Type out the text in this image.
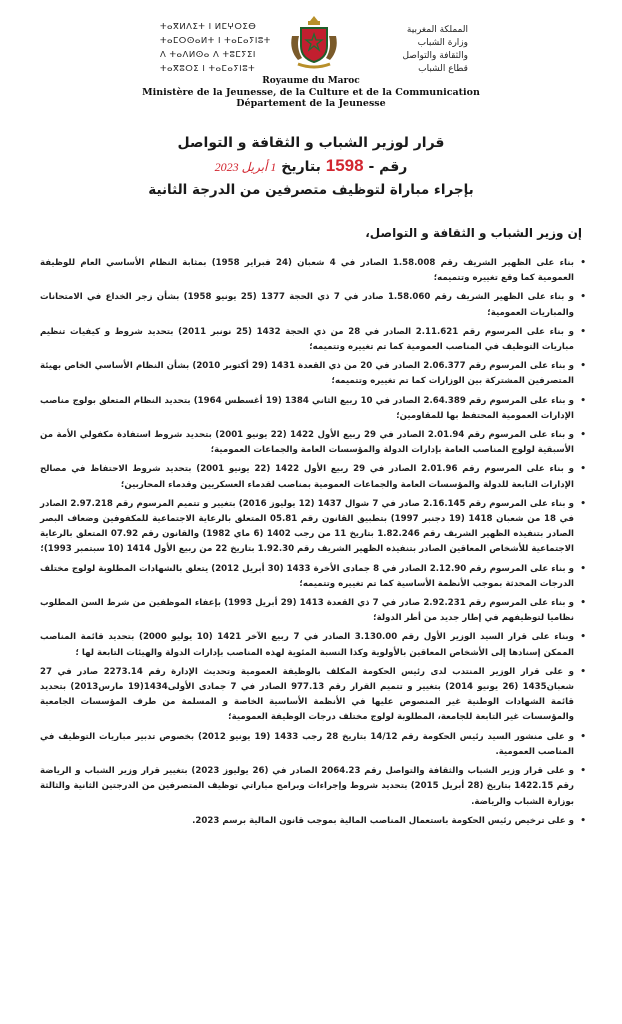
ⵜⴰⴳⵍⴷⵉⵜ ⵏ ⵍⵎⵖⵔⵉⴱ
ⵜⴰⵎⵔⵙⴰⵍⵜ ⵏ ⵜⴰⵎⴰⵢⵏⵓⵜ
ⴷ ⵜⴰⴷⵍⵙⴰ ⴷ ⵜⵓⵎⵢⵉⵏ
ⵜⴰⴳⵓⵔⵉ ⵏ ⵜⴰⵎⴰⵢⵏⵓⵜ
المملكة المغربية
وزارة الشباب
والثقافة والتواصل
قطاع الشباب
Royaume du Maroc
Ministère de la Jeunesse, de la Culture et de la Communication
Département de la Jeunesse
قرار لوزير الشباب و الثقافة و التواصل
رقم - 1598 بتاريخ 1 أبريل 2023
بإجراء مباراة لتوظيف متصرفين من الدرجة الثانية
إن وزير الشباب و الثقافة و التواصل،
• بناء على الظهير الشريف رقم 1.58.008 الصادر في 4 شعبان (24 فبراير 1958) بمثابة النظام الأساسي العام للوظيفة العمومية كما وقع تغييره وتتميمه؛
• و بناء على الظهير الشريف رقم 1.58.060 صادر في 7 ذي الحجة 1377 (25 يونيو 1958) بشأن زجر الخداع في الامتحانات والمباريات العمومية؛
• و بناء على المرسوم رقم 2.11.621 الصادر في 28 من ذي الحجة 1432 (25 نونبر 2011) بتحديد شروط و كيفيات تنظيم مباريات التوظيف في المناصب العمومية كما تم تغييره وتتميمه؛
• و بناء على المرسوم رقم 2.06.377 الصادر في 20 من ذي القعدة 1431 (29 أكتوبر 2010) بشأن النظام الأساسي الخاص بهيئة المتصرفين المشتركة بين الوزارات كما تم تغييره وتتميمه؛
• و بناء على المرسوم رقم 2.64.389 الصادر في 10 ربيع الثاني 1384 (19 أغسطس 1964) بتحديد النظام المتعلق بولوج مناصب الإدارات العمومية المحتفظ بها للمقاومين؛
• و بناء على المرسوم رقم 2.01.94 الصادر في 29 ربيع الأول 1422 (22 يونيو 2001) بتحديد شروط استفادة مكفولي الأمة من الأسبقية لولوج المناصب العامة بإدارات الدولة والمؤسسات العامة والجماعات العمومية؛
• و بناء على المرسوم رقم 2.01.96 الصادر في 29 ربيع الأول 1422 (22 يونيو 2001) بتحديد شروط الاحتفاظ في مصالح الإدارات التابعة للدولة والمؤسسات العامة والجماعات العمومية بمناصب لقدماء العسكريين وقدماء المحاربين؛
• و بناء على المرسوم رقم 2.16.145 صادر في 7 شوال 1437 (12 يوليوز 2016) بتغيير و تتميم المرسوم رقم 2.97.218 الصادر في 18 من شعبان 1418 (19 دجنبر 1997) بتطبيق القانون رقم 05.81 المتعلق بالرعاية الاجتماعية للمكفوفين وضعاف البصر الصادر بتنفيذه الظهير الشريف رقم 1.82.246 بتاريخ 11 من رجب 1402 (6 ماي 1982) والقانون رقم 07.92 المتعلق بالرعاية الاجتماعية للأشخاص المعاقين الصادر بتنفيذه الظهير الشريف رقم 1.92.30 بتاريخ 22 من ربيع الأول 1414 (10 سبتمبر 1993)؛
• و بناء على المرسوم رقم 2.12.90 الصادر في 8 جمادى الأخرة 1433 (30 أبريل 2012) يتعلق بالشهادات المطلوبة لولوج مختلف الدرجات المحدثة بموجب الأنظمة الأساسية كما تم تغييره وتتميمه؛
• و بناء على المرسوم رقم 2.92.231 صادر في 7 ذي القعدة 1413 (29 أبريل 1993) بإعفاء الموظفين من شرط السن المطلوب نظاميا لتوظيفهم في إطار جديد من أطر الدولة؛
• وبناء على قرار السيد الوزير الأول رقم 3.130.00 الصادر في 7 ربيع الآخر 1421 (10 يوليو 2000) بتحديد قائمة المناصب الممكن إسنادها إلى الأشخاص المعاقين بالأولوية وكذا النسبة المئوية لهذه المناصب بإدارات الدولة والهيئات التابعة لها ؛
• و على قرار الوزير المنتدب لدى رئيس الحكومة المكلف بالوظيفة العمومية وتحديث الإدارة رقم 2273.14 صادر في 27 شعبان1435 (26 يونيو 2014) بتغيير و تتميم القرار رقم 977.13 الصادر في 7 جمادى الأولى1434(19 مارس2013) بتحديد قائمة الشهادات الوطنية غير المنصوص عليها في الأنظمة الأساسية الخاصة و المسلمة من طرف المؤسسات الجامعية والمؤسسات غير التابعة للجامعة، المطلوبة لولوج مختلف درجات الوظيفة العمومية؛
• و على منشور السيد رئيس الحكومة رقم 14/12 بتاريخ 28 رجب 1433 (19 يونيو 2012) بخصوص تدبير مباريات التوظيف في المناصب العمومية.
• و على قرار وزير الشباب والثقافة والتواصل رقم 2064.23 الصادر في (26 يوليوز 2023) بتغيير قرار وزير الشباب و الرياضة رقم 1422.15 بتاريخ (28 أبريل 2015) بتحديد شروط وإجراءات وبرامج مباراتي توظيف المتصرفين من الدرجتين الثانية والثالثة بوزارة الشباب والرياضة.
• و على ترخيص رئيس الحكومة باستعمال المناصب المالية بموجب قانون المالية برسم 2023.
